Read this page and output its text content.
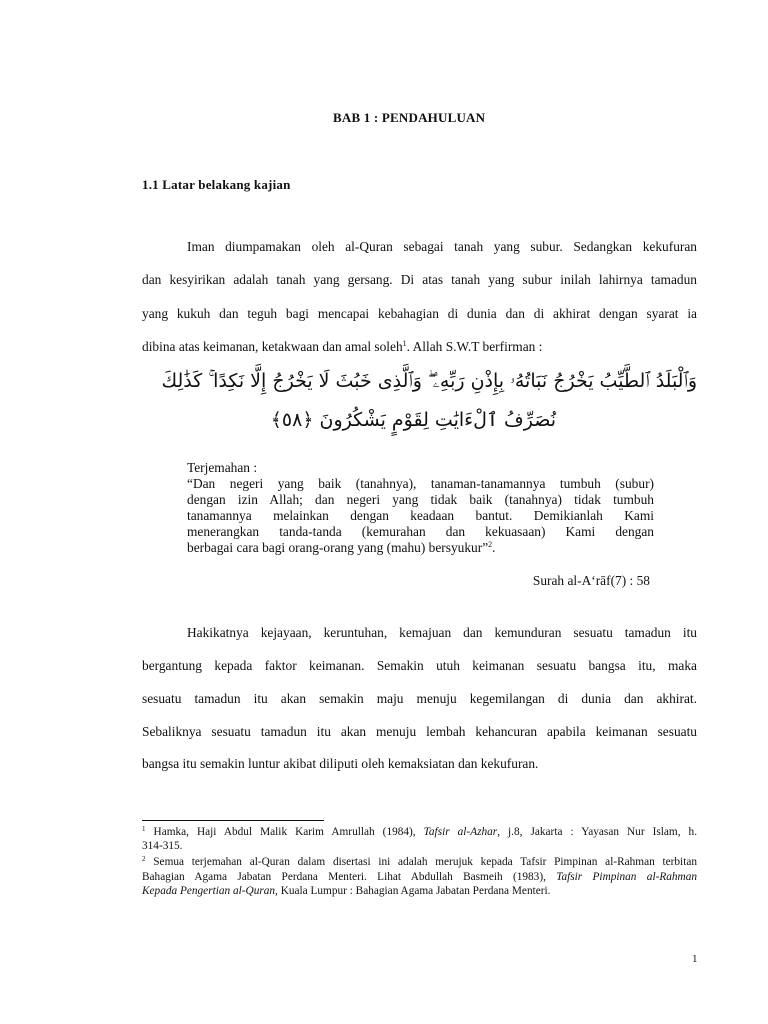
BAB 1 : PENDAHULUAN
1.1 Latar belakang kajian
Iman diumpamakan oleh al-Quran sebagai tanah yang subur. Sedangkan kekufuran
dan kesyirikan adalah tanah yang gersang. Di atas tanah yang subur inilah lahirnya tamadun
yang kukuh dan teguh bagi mencapai kebahagian di dunia dan di akhirat dengan syarat ia
dibina atas keimanan, ketakwaan dan amal soleh$^1$. Allah S.W.T berfirman :
وَٱلْبَلَدُ ٱلطَّيِّبُ يَخْرُجُ نَبَاتُهُۥ بِإِذْنِ رَبِّهِۦ ۖ وَٱلَّذِى خَبُثَ لَا يَخْرُجُ إِلَّا نَكِدًا ۚ كَذَٰلِكَ
نُصَرِّفُ ٱلْءَايَٰتِ لِقَوْمٍ يَشْكُرُونَ ﴿٥٨﴾
Terjemahan :
“Dan negeri yang baik (tanahnya), tanaman-tanamannya tumbuh (subur)
dengan izin Allah; dan negeri yang tidak baik (tanahnya) tidak tumbuh
tanamannya melainkan dengan keadaan bantut. Demikianlah Kami
menerangkan tanda-tanda (kemurahan dan kekuasaan) Kami dengan
berbagai cara bagi orang-orang yang (mahu) bersyukur”$^2$.
Surah al-A‘rāf(7) : 58
Hakikatnya kejayaan, keruntuhan, kemajuan dan kemunduran sesuatu tamadun itu
bergantung kepada faktor keimanan. Semakin utuh keimanan sesuatu bangsa itu, maka
sesuatu tamadun itu akan semakin maju menuju kegemilangan di dunia dan akhirat.
Sebaliknya sesuatu tamadun itu akan menuju lembah kehancuran apabila keimanan sesuatu
bangsa itu semakin luntur akibat diliputi oleh kemaksiatan dan kekufuran.
$^1$ Hamka, Haji Abdul Malik Karim Amrullah (1984), Tafsir al-Azhar, j.8, Jakarta : Yayasan Nur Islam, h.
314-315.
$^2$ Semua terjemahan al-Quran dalam disertasi ini adalah merujuk kepada Tafsir Pimpinan al-Rahman terbitan
Bahagian Agama Jabatan Perdana Menteri. Lihat Abdullah Basmeih (1983), Tafsir Pimpinan al-Rahman
Kepada Pengertian al-Quran, Kuala Lumpur : Bahagian Agama Jabatan Perdana Menteri.
1
